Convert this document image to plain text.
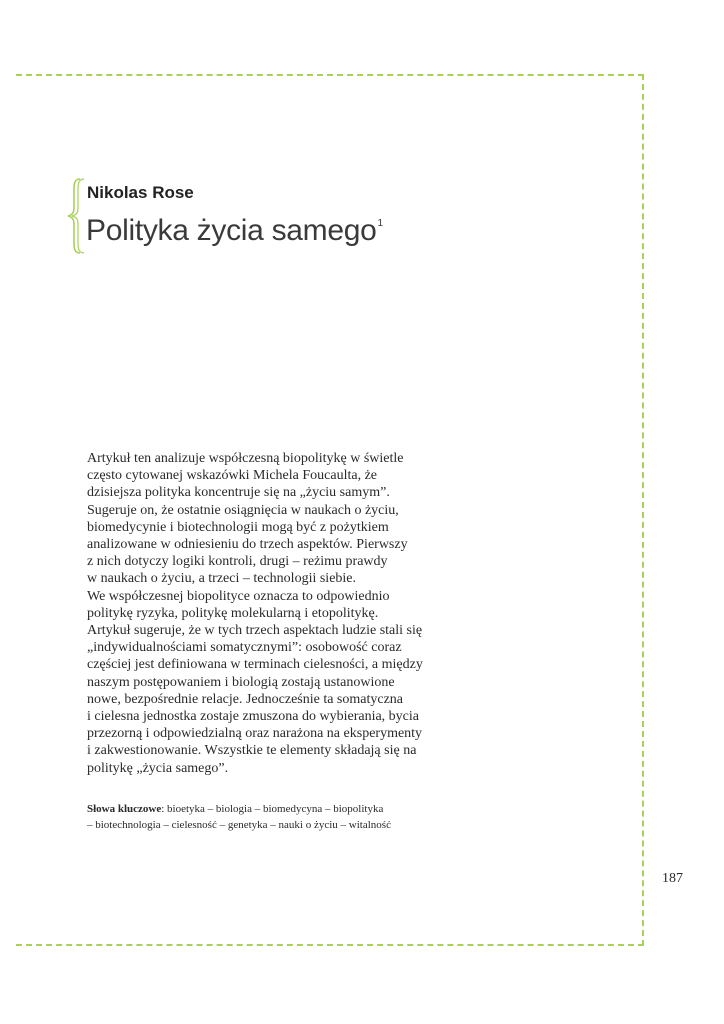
Nikolas Rose
Polityka życia samego$^1$
Artykuł ten analizuje współczesną biopolitykę w świetle
często cytowanej wskazówki Michela Foucaulta, że
dzisiejsza polityka koncentruje się na „życiu samym”.
Sugeruje on, że ostatnie osiągnięcia w naukach o życiu,
biomedycynie i biotechnologii mogą być z pożytkiem
analizowane w odniesieniu do trzech aspektów. Pierwszy
z nich dotyczy logiki kontroli, drugi – reżimu prawdy
w naukach o życiu, a trzeci – technologii siebie.
We współczesnej biopolityce oznacza to odpowiednio
politykę ryzyka, politykę molekularną i etopolitykę.
Artykuł sugeruje, że w tych trzech aspektach ludzie stali się
„indywidualnościami somatycznymi”: osobowość coraz
częściej jest definiowana w terminach cielesności, a między
naszym postępowaniem i biologią zostają ustanowione
nowe, bezpośrednie relacje. Jednocześnie ta somatyczna
i cielesna jednostka zostaje zmuszona do wybierania, bycia
przezorną i odpowiedzialną oraz narażona na eksperymenty
i zakwestionowanie. Wszystkie te elementy składają się na
politykę „życia samego”.
Słowa kluczowe: bioetyka – biologia – biomedycyna – biopolityka
– biotechnologia – cielesność – genetyka – nauki o życiu – witalność
187
